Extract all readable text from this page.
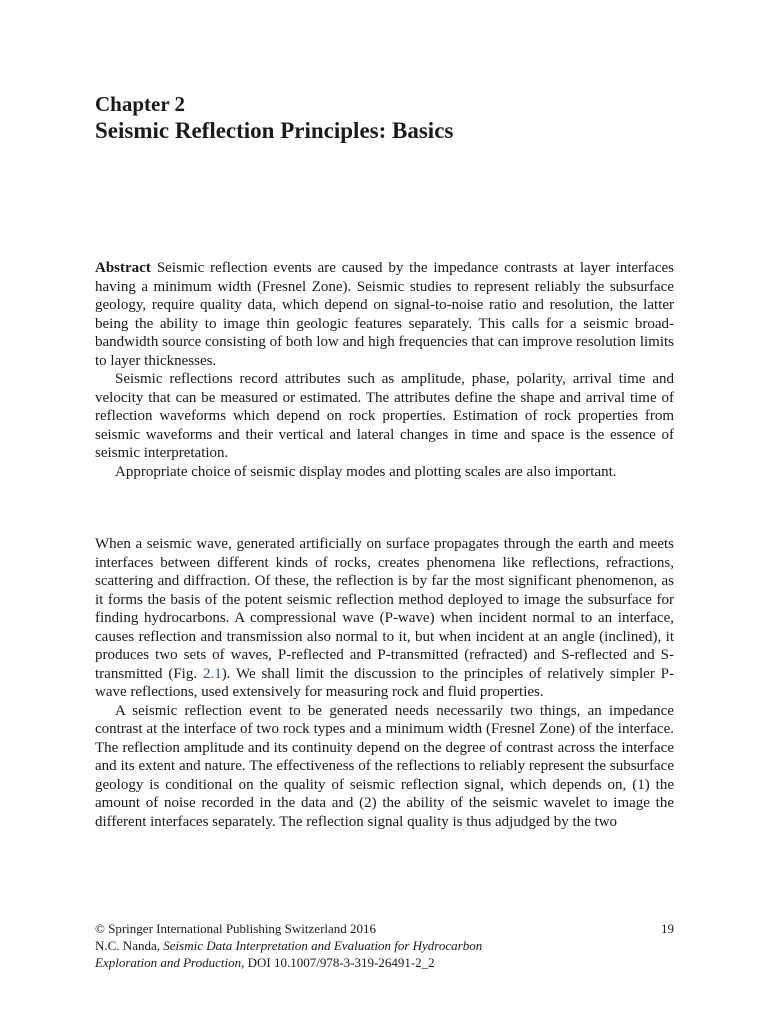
Chapter 2
Seismic Reflection Principles: Basics

Abstract Seismic reflection events are caused by the impedance contrasts at layer interfaces having a minimum width (Fresnel Zone). Seismic studies to represent reliably the subsurface geology, require quality data, which depend on signal-to-noise ratio and resolution, the latter being the ability to image thin geologic features separately. This calls for a seismic broad-bandwidth source consisting of both low and high frequencies that can improve resolution limits to layer thicknesses.

Seismic reflections record attributes such as amplitude, phase, polarity, arrival time and velocity that can be measured or estimated. The attributes define the shape and arrival time of reflection waveforms which depend on rock properties. Estimation of rock properties from seismic waveforms and their vertical and lateral changes in time and space is the essence of seismic interpretation.

Appropriate choice of seismic display modes and plotting scales are also important.

When a seismic wave, generated artificially on surface propagates through the earth and meets interfaces between different kinds of rocks, creates phenomena like reflections, refractions, scattering and diffraction. Of these, the reflection is by far the most significant phenomenon, as it forms the basis of the potent seismic reflection method deployed to image the subsurface for finding hydrocarbons. A compressional wave (P-wave) when incident normal to an interface, causes reflection and transmission also normal to it, but when incident at an angle (inclined), it produces two sets of waves, P-reflected and P-transmitted (refracted) and S-reflected and S-transmitted (Fig. 2.1). We shall limit the discussion to the principles of relatively simpler P-wave reflections, used extensively for measuring rock and fluid properties.

A seismic reflection event to be generated needs necessarily two things, an impedance contrast at the interface of two rock types and a minimum width (Fresnel Zone) of the interface. The reflection amplitude and its continuity depend on the degree of contrast across the interface and its extent and nature. The effectiveness of the reflections to reliably represent the subsurface geology is conditional on the quality of seismic reflection signal, which depends on, (1) the amount of noise recorded in the data and (2) the ability of the seismic wavelet to image the different interfaces separately. The reflection signal quality is thus adjudged by the two

© Springer International Publishing Switzerland 2016	19
N.C. Nanda, Seismic Data Interpretation and Evaluation for Hydrocarbon
Exploration and Production, DOI 10.1007/978-3-319-26491-2_2
